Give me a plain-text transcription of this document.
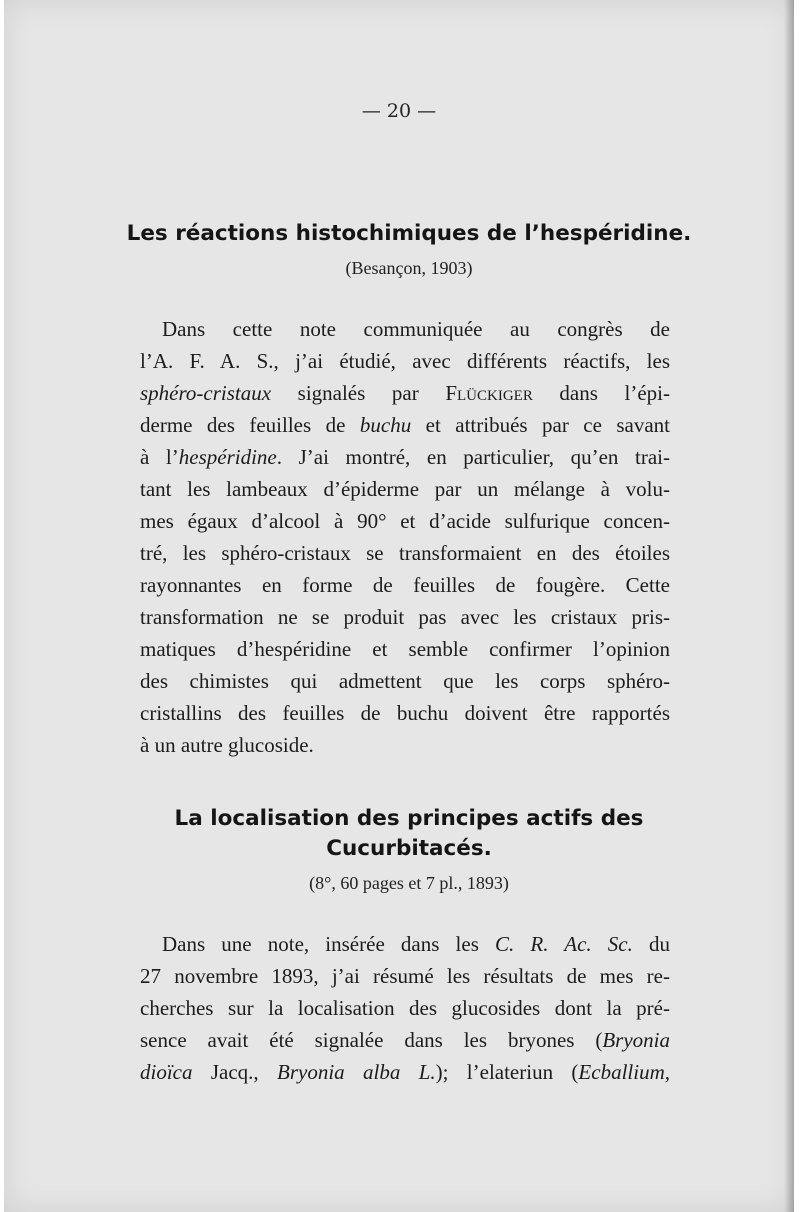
— 20 —
Les réactions histochimiques de l’hespéridine.
(Besançon, 1903)
Dans cette note communiquée au congrès de
l’A. F. A. S., j’ai étudié, avec différents réactifs, les
sphéro-cristaux signalés par Flückiger dans l’épi-
derme des feuilles de buchu et attribués par ce savant
à l’hespéridine. J’ai montré, en particulier, qu’en trai-
tant les lambeaux d’épiderme par un mélange à volu-
mes égaux d’alcool à 90° et d’acide sulfurique concen-
tré, les sphéro-cristaux se transformaient en des étoiles
rayonnantes en forme de feuilles de fougère. Cette
transformation ne se produit pas avec les cristaux pris-
matiques d’hespéridine et semble confirmer l’opinion
des chimistes qui admettent que les corps sphéro-
cristallins des feuilles de buchu doivent être rapportés
à un autre glucoside.
La localisation des principes actifs des
Cucurbitacés.
(8°, 60 pages et 7 pl., 1893)
Dans une note, insérée dans les C. R. Ac. Sc. du
27 novembre 1893, j’ai résumé les résultats de mes re-
cherches sur la localisation des glucosides dont la pré-
sence avait été signalée dans les bryones (Bryonia
dioïca Jacq., Bryonia alba L.); l’elateriun (Ecballium,
